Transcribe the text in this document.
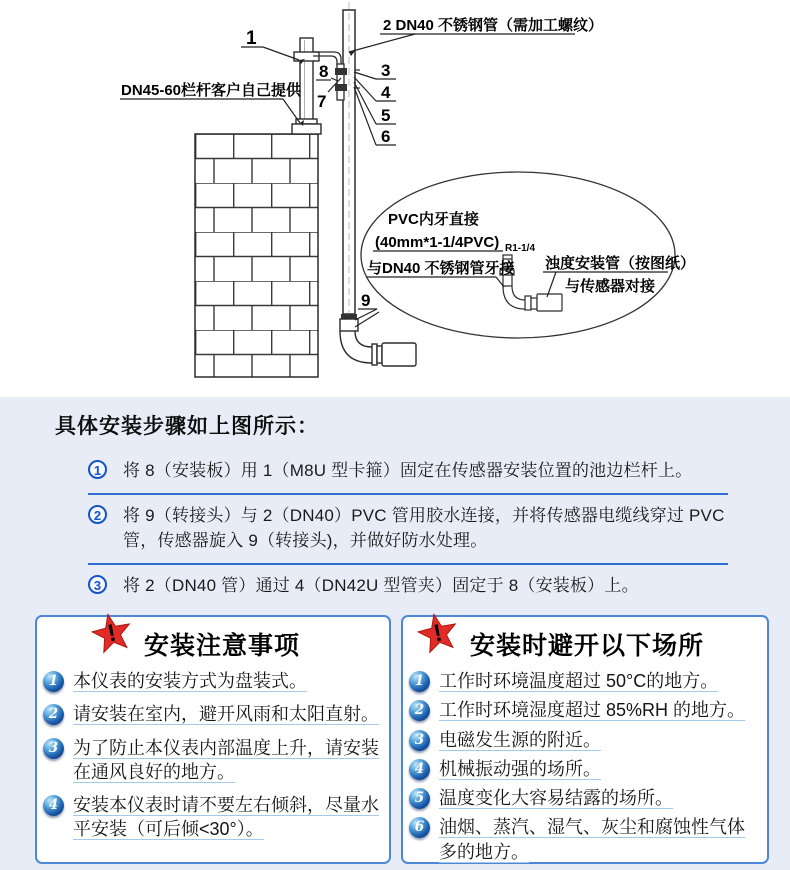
1
2 DN40 不锈钢管（需加工螺纹）
8
7
3
4
5
6
DN45-60栏杆客户自己提供
PVC内牙直接
(40mm*1-1/4PVC)
与DN40 不锈钢管牙接
R1-1/4
浊度安装管（按图纸）
与传感器对接
9
具体安装步骤如上图所示：
1	将 8（安装板）用 1（M8U 型卡箍）固定在传感器安装位置的池边栏杆上。

2	将 9（转接头）与 2（DN40）PVC 管用胶水连接，并将传感器电缆线穿过 PVC 管，传感器旋入 9（转接头)，并做好防水处理。

3	将 2（DN40 管）通过 4（DN42U 型管夹）固定于 8（安装板）上。

! 安装注意事项
1 本仪表的安装方式为盘装式。
2 请安装在室内，避开风雨和太阳直射。
3 为了防止本仪表内部温度上升，请安装在通风良好的地方。
4 安装本仪表时请不要左右倾斜，尽量水平安装（可后倾<30°）。
! 安装时避开以下场所
1 工作时环境温度超过 50°C的地方。
2 工作时环境湿度超过 85%RH 的地方。
3 电磁发生源的附近。
4 机械振动强的场所。
5 温度变化大容易结露的场所。
6 油烟、蒸汽、湿气、灰尘和腐蚀性气体多的地方。
